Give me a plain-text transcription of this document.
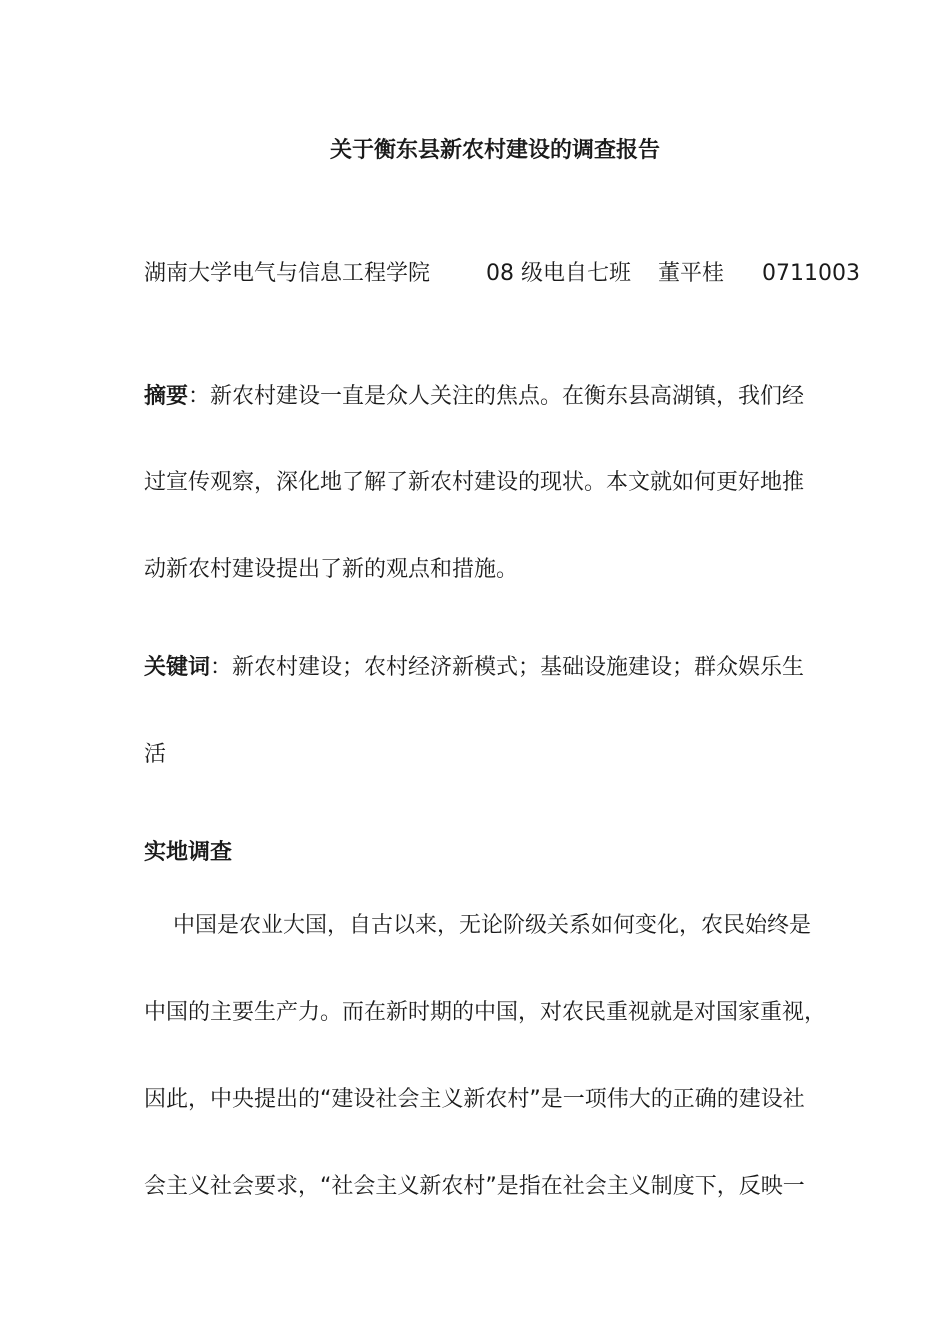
关于衡东县新农村建设的调查报告
湖南大学电气与信息工程学院	08 级电自七班 董平桂 0711003
摘要：新农村建设一直是众人关注的焦点。在衡东县高湖镇，我们经
过宣传观察，深化地了解了新农村建设的现状。本文就如何更好地推
动新农村建设提出了新的观点和措施。
关键词：新农村建设；农村经济新模式；基础设施建设；群众娱乐生
活
实地调查
中国是农业大国，自古以来，无论阶级关系如何变化，农民始终是
中国的主要生产力。而在新时期的中国，对农民重视就是对国家重视，
因此，中央提出的“建设社会主义新农村”是一项伟大的正确的建设社
会主义社会要求，“社会主义新农村”是指在社会主义制度下，反映一
